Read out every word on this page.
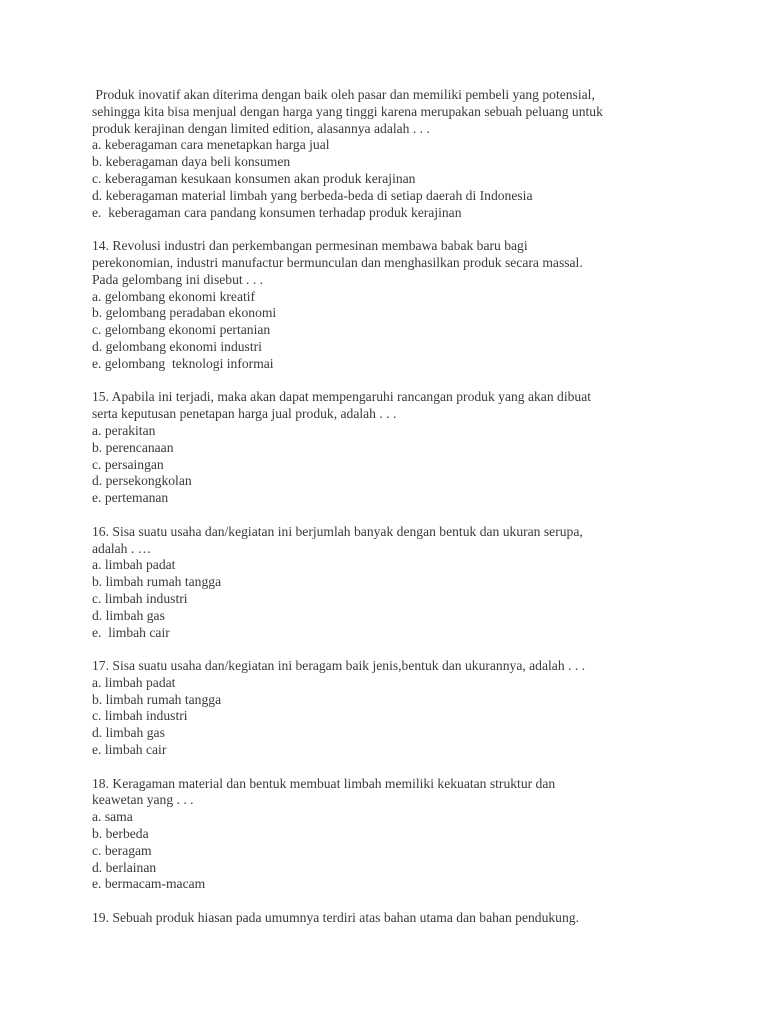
Produk inovatif akan diterima dengan baik oleh pasar dan memiliki pembeli yang potensial,
sehingga kita bisa menjual dengan harga yang tinggi karena merupakan sebuah peluang untuk
produk kerajinan dengan limited edition, alasannya adalah . . .
a. keberagaman cara menetapkan harga jual
b. keberagaman daya beli konsumen
c. keberagaman kesukaan konsumen akan produk kerajinan
d. keberagaman material limbah yang berbeda-beda di setiap daerah di Indonesia
e.  keberagaman cara pandang konsumen terhadap produk kerajinan
14. Revolusi industri dan perkembangan permesinan membawa babak baru bagi
perekonomian, industri manufactur bermunculan dan menghasilkan produk secara massal.
Pada gelombang ini disebut . . .
a. gelombang ekonomi kreatif
b. gelombang peradaban ekonomi
c. gelombang ekonomi pertanian
d. gelombang ekonomi industri
e. gelombang  teknologi informai
15. Apabila ini terjadi, maka akan dapat mempengaruhi rancangan produk yang akan dibuat
serta keputusan penetapan harga jual produk, adalah . . .
a. perakitan
b. perencanaan
c. persaingan
d. persekongkolan
e. pertemanan
16. Sisa suatu usaha dan/kegiatan ini berjumlah banyak dengan bentuk dan ukuran serupa,
adalah . …
a. limbah padat
b. limbah rumah tangga
c. limbah industri
d. limbah gas
e.  limbah cair
17. Sisa suatu usaha dan/kegiatan ini beragam baik jenis,bentuk dan ukurannya, adalah . . .
a. limbah padat
b. limbah rumah tangga
c. limbah industri
d. limbah gas
e. limbah cair
18. Keragaman material dan bentuk membuat limbah memiliki kekuatan struktur dan
keawetan yang . . .
a. sama
b. berbeda
c. beragam
d. berlainan
e. bermacam-macam
19. Sebuah produk hiasan pada umumnya terdiri atas bahan utama dan bahan pendukung.
